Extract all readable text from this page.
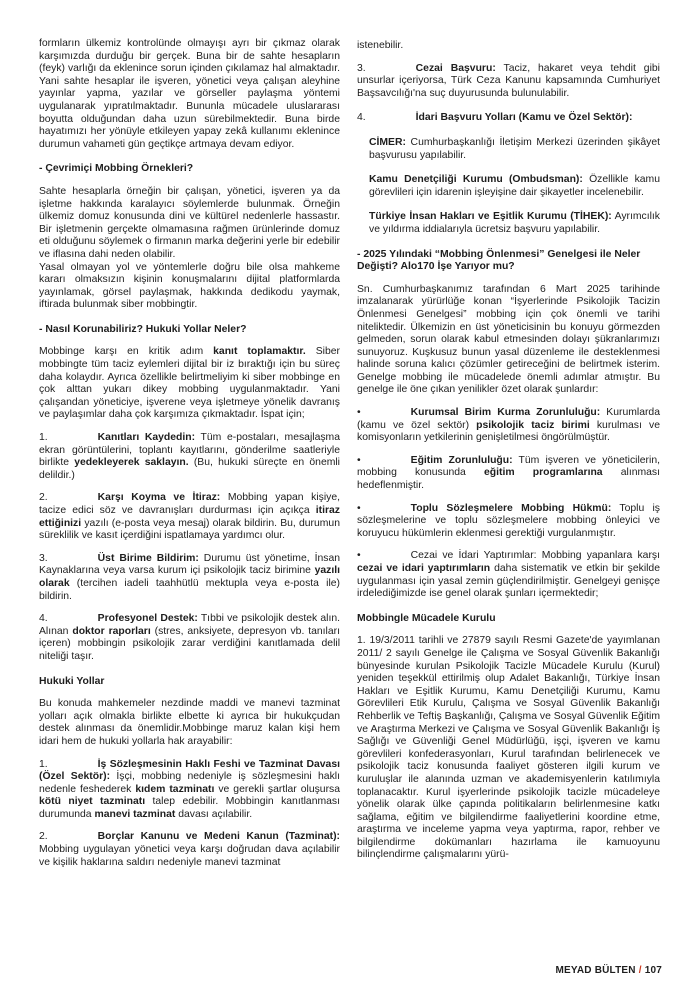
formların ülkemiz kontrolünde olmayışı ayrı bir çıkmaz olarak karşımızda durduğu bir gerçek. Buna bir de sahte hesapların (feyk) varlığı da eklenince sorun içinden çıkılamaz hal almaktadır. Yani sahte hesaplar ile işveren, yönetici veya çalışan aleyhine yayınlar yapma, yazılar ve görseller paylaşma yöntemi uygulanarak yıpratılmaktadır. Bununla mücadele uluslararası boyutta olduğundan daha uzun sürebilmektedir. Buna birde hayatımızı her yönüyle etkileyen yapay zekâ kullanımı eklenince durumun vahameti gün geçtikçe artmaya devam ediyor.

- Çevrimiçi Mobbing Örnekleri?

Sahte hesaplarla örneğin bir çalışan, yönetici, işveren ya da işletme hakkında karalayıcı söylemlerde bulunmak. Örneğin ülkemiz domuz konusunda dini ve kültürel nedenlerle hassastır. Bir işletmenin gerçekte olmamasına rağmen ürünlerinde domuz eti olduğunu söylemek o firmanın marka değerini yerle bir edebilir ve iflasına dahi neden olabilir.

Yasal olmayan yol ve yöntemlerle doğru bile olsa mahkeme kararı olmaksızın kişinin konuşmalarını dijital platformlarda yayınlamak, görsel paylaşmak, hakkında dedikodu yaymak, iftirada bulunmak siber mobbingtir.

- Nasıl Korunabiliriz? Hukuki Yollar Neler?

Mobbinge karşı en kritik adım kanıt toplamaktır. Siber mobbingte tüm taciz eylemleri dijital bir iz bıraktığı için bu süreç daha kolaydır. Ayrıca özellikle belirtmeliyim ki siber mobbinge en çok alttan yukarı dikey mobbing uygulanmaktadır. Yani çalışandan yöneticiye, işverene veya işletmeye yönelik davranış ve paylaşımlar daha çok karşımıza çıkmaktadır. İspat için;

1.	Kanıtları Kaydedin: Tüm e-postaları, mesajlaşma ekran görüntülerini, toplantı kayıtlarını, gönderilme saatleriyle birlikte yedekleyerek saklayın. (Bu, hukuki süreçte en önemli delildir.)

2.	Karşı Koyma ve İtiraz: Mobbing yapan kişiye, tacize edici söz ve davranışları durdurması için açıkça itiraz ettiğinizi yazılı (e-posta veya mesaj) olarak bildirin. Bu, durumun süreklilik ve kasıt içerdiğini ispatlamaya yardımcı olur.

3.	Üst Birime Bildirim: Durumu üst yönetime, İnsan Kaynaklarına veya varsa kurum içi psikolojik taciz birimine yazılı olarak (tercihen iadeli taahhütlü mektupla veya e-posta ile) bildirin.

4.	Profesyonel Destek: Tıbbi ve psikolojik destek alın. Alınan doktor raporları (stres, anksiyete, depresyon vb. tanıları içeren) mobbingin psikolojik zarar verdiğini kanıtlamada delil niteliği taşır.

Hukuki Yollar

Bu konuda mahkemeler nezdinde maddi ve manevi tazminat yolları açık olmakla birlikte elbette ki ayrıca bir hukukçudan destek alınması da önemlidir.Mobbinge maruz kalan kişi hem idari hem de hukuki yollarla hak arayabilir:

1.	İş Sözleşmesinin Haklı Feshi ve Tazminat Davası (Özel Sektör): İşçi, mobbing nedeniyle iş sözleşmesini haklı nedenle feshederek kıdem tazminatı ve gerekli şartlar oluşursa kötü niyet tazminatı talep edebilir. Mobbingin kanıtlanması durumunda manevi tazminat davası açılabilir.

2.	Borçlar Kanunu ve Medeni Kanun (Tazminat): Mobbing uygulayan yönetici veya karşı doğrudan dava açılabilir ve kişilik haklarına saldırı nedeniyle manevi tazminat

istenebilir.

3.	Cezai Başvuru: Taciz, hakaret veya tehdit gibi unsurlar içeriyorsa, Türk Ceza Kanunu kapsamında Cumhuriyet Başsavcılığı'na suç duyurusunda bulunulabilir.

4.	İdari Başvuru Yolları (Kamu ve Özel Sektör):

CİMER: Cumhurbaşkanlığı İletişim Merkezi üzerinden şikâyet başvurusu yapılabilir.

Kamu Denetçiliği Kurumu (Ombudsman): Özellikle kamu görevlileri için idarenin işleyişine dair şikayetler incelenebilir.

Türkiye İnsan Hakları ve Eşitlik Kurumu (TİHEK): Ayrımcılık ve yıldırma iddialarıyla ücretsiz başvuru yapılabilir.

- 2025 Yılındaki “Mobbing Önlenmesi” Genelgesi ile Neler Değişti? Alo170 İşe Yarıyor mu?

Sn. Cumhurbaşkanımız tarafından 6 Mart 2025 tarihinde imzalanarak yürürlüğe konan “İşyerlerinde Psikolojik Tacizin Önlenmesi Genelgesi” mobbing için çok önemli ve tarihi niteliktedir. Ülkemizin en üst yöneticisinin bu konuyu görmezden gelmeden, sorun olarak kabul etmesinden dolayı şükranlarımızı sunuyoruz. Kuşkusuz bunun yasal düzenleme ile desteklenmesi halinde soruna kalıcı çözümler getireceğini de belirtmek isterim. Genelge mobbing ile mücadelede önemli adımlar atmıştır. Bu genelge ile öne çıkan yenilikler özet olarak şunlardır:

•	Kurumsal Birim Kurma Zorunluluğu: Kurumlarda (kamu ve özel sektör) psikolojik taciz birimi kurulması ve komisyonların yetkilerinin genişletilmesi öngörülmüştür.

•	Eğitim Zorunluluğu: Tüm işveren ve yöneticilerin, mobbing konusunda eğitim programlarına alınması hedeflenmiştir.

•	Toplu Sözleşmelere Mobbing Hükmü: Toplu iş sözleşmelerine ve toplu sözleşmelere mobbing önleyici ve koruyucu hükümlerin eklenmesi gerektiği vurgulanmıştır.

•	Cezai ve İdari Yaptırımlar: Mobbing yapanlara karşı cezai ve idari yaptırımların daha sistematik ve etkin bir şekilde uygulanması için yasal zemin güçlendirilmiştir. Genelgeyi genişçe irdelediğimizde ise genel olarak şunları içermektedir;

Mobbingle Mücadele Kurulu

1. 19/3/2011 tarihli ve 27879 sayılı Resmi Gazete'de yayımlanan 2011/ 2 sayılı Genelge ile Çalışma ve Sosyal Güvenlik Bakanlığı bünyesinde kurulan Psikolojik Tacizle Mücadele Kurulu (Kurul) yeniden teşekkül ettirilmiş olup Adalet Bakanlığı, Türkiye İnsan Hakları ve Eşitlik Kurumu, Kamu Denetçiliği Kurumu, Kamu Görevlileri Etik Kurulu, Çalışma ve Sosyal Güvenlik Bakanlığı Rehberlik ve Teftiş Başkanlığı, Çalışma ve Sosyal Güvenlik Eğitim ve Araştırma Merkezi ve Çalışma ve Sosyal Güvenlik Bakanlığı İş Sağlığı ve Güvenliği Genel Müdürlüğü, işçi, işveren ve kamu görevlileri konfederasyonları, Kurul tarafından belirlenecek ve psikolojik taciz konusunda faaliyet gösteren ilgili kurum ve kuruluşlar ile alanında uzman ve akademisyenlerin katılımıyla toplanacaktır. Kurul işyerlerinde psikolojik tacizle mücadeleye yönelik olarak ülke çapında politikaların belirlenmesine katkı sağlama, eğitim ve bilgilendirme faaliyetlerini koordine etme, araştırma ve inceleme yapma veya yaptırma, rapor, rehber ve bilgilendirme dokümanları hazırlama ile kamuoyunu bilinçlendirme çalışmalarını yürü-

MEYAD BÜLTEN / 107
